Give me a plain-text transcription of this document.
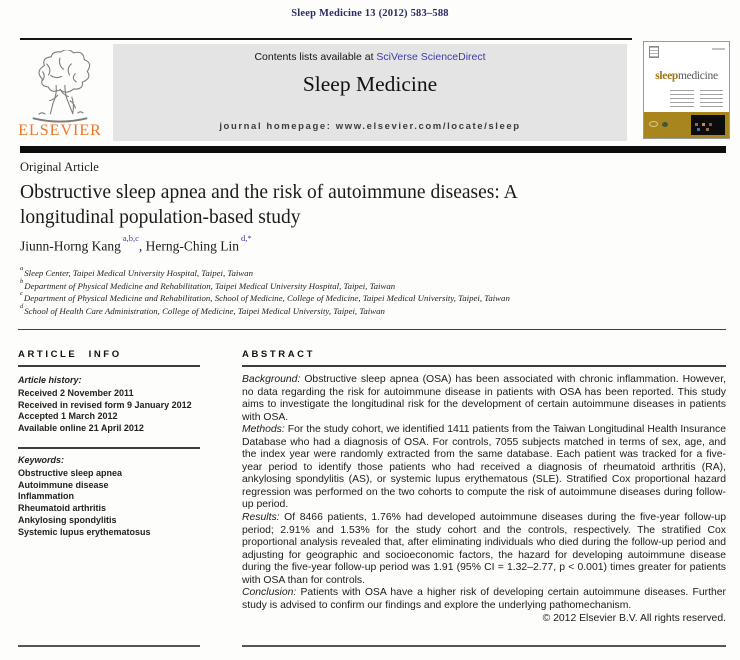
Sleep Medicine 13 (2012) 583–588
ELSEVIER
Contents lists available at SciVerse ScienceDirect
Sleep Medicine
journal homepage: www.elsevier.com/locate/sleep
sleepmedicine
Original Article
Obstructive sleep apnea and the risk of autoimmune diseases: A
longitudinal population-based study
Jiunn-Horng Kang$^{a,b,c}$, Herng-Ching Lin$^{d,*}$
$^a$Sleep Center, Taipei Medical University Hospital, Taipei, Taiwan
$^b$Department of Physical Medicine and Rehabilitation, Taipei Medical University Hospital, Taipei, Taiwan
$^c$Department of Physical Medicine and Rehabilitation, School of Medicine, College of Medicine, Taipei Medical University, Taipei, Taiwan
$^d$School of Health Care Administration, College of Medicine, Taipei Medical University, Taipei, Taiwan
ARTICLE INFO
Article history:
Received 2 November 2011
Received in revised form 9 January 2012
Accepted 1 March 2012
Available online 21 April 2012
Keywords:
Obstructive sleep apnea
Autoimmune disease
Inflammation
Rheumatoid arthritis
Ankylosing spondylitis
Systemic lupus erythematosus
ABSTRACT

Background: Obstructive sleep apnea (OSA) has been associated with chronic inflammation. However, no data regarding the risk for autoimmune disease in patients with OSA has been reported. This study aims to investigate the longitudinal risk for the development of certain autoimmune diseases in patients with OSA.

Methods: For the study cohort, we identified 1411 patients from the Taiwan Longitudinal Health Insurance Database who had a diagnosis of OSA. For controls, 7055 subjects matched in terms of sex, age, and the index year were randomly extracted from the same database. Each patient was tracked for a five-year period to identify those patients who had received a diagnosis of rheumatoid arthritis (RA), ankylosing spondylitis (AS), or systemic lupus erythematous (SLE). Stratified Cox proportional hazard regression was performed on the two cohorts to compute the risk of autoimmune diseases during follow-up period.

Results: Of 8466 patients, 1.76% had developed autoimmune diseases during the five-year follow-up period; 2.91% and 1.53% for the study cohort and the controls, respectively. The stratified Cox proportional analysis revealed that, after eliminating individuals who died during the follow-up period and adjusting for geographic and socioeconomic factors, the hazard for developing autoimmune disease during the five-year follow-up period was 1.91 (95% CI = 1.32–2.77, p < 0.001) times greater for patients with OSA than for controls.

Conclusion: Patients with OSA have a higher risk of developing certain autoimmune diseases. Further study is advised to confirm our findings and explore the underlying pathomechanism.

© 2012 Elsevier B.V. All rights reserved.
